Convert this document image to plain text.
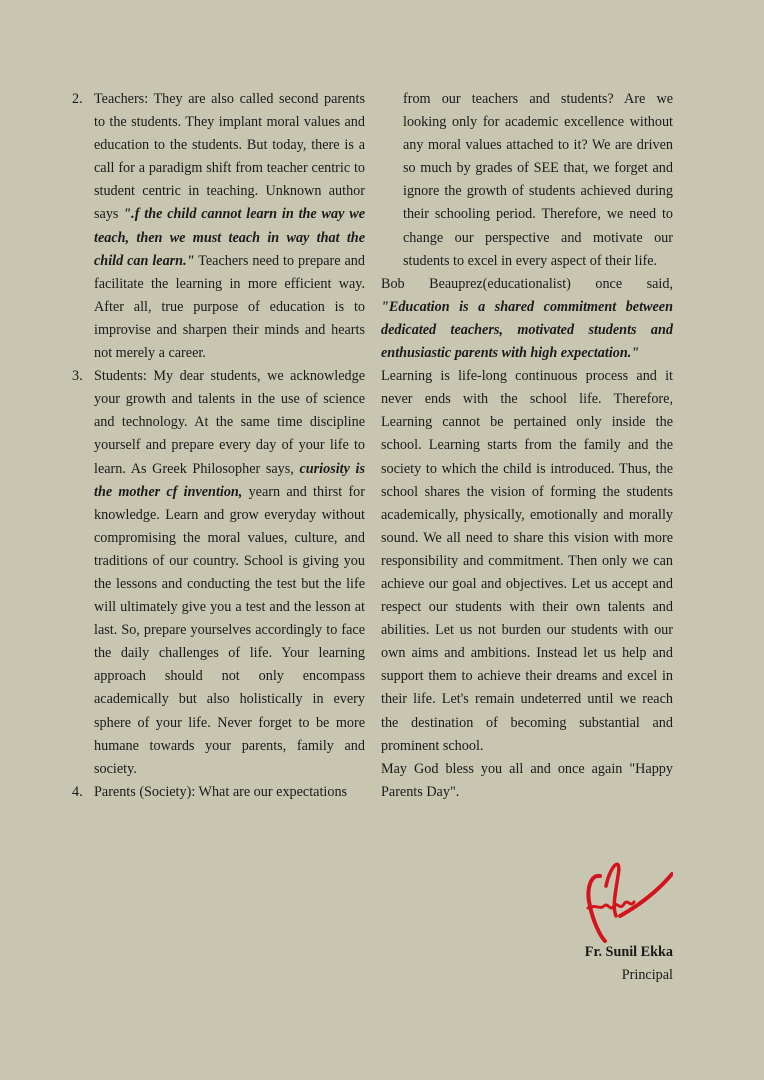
2. Teachers: They are also called second parents to the students. They implant moral values and education to the students. But today, there is a call for a paradigm shift from teacher centric to student centric in teaching. Unknown author says ".f the child cannot learn in the way we teach, then we must teach in way that the child can learn." Teachers need to prepare and facilitate the learning in more efficient way. After all, true purpose of education is to improvise and sharpen their minds and hearts not merely a career.
3. Students: My dear students, we acknowledge your growth and talents in the use of science and technology. At the same time discipline yourself and prepare every day of your life to learn. As Greek Philosopher says, curiosity is the mother cf invention, yearn and thirst for knowledge. Learn and grow everyday without compromising the moral values, culture, and traditions of our country. School is giving you the lessons and conducting the test but the life will ultimately give you a test and the lesson at last. So, prepare yourselves accordingly to face the daily challenges of life. Your learning approach should not only encompass academically but also holistically in every sphere of your life. Never forget to be more humane towards your parents, family and society.
4. Parents (Society): What are our expectations

from our teachers and students? Are we looking only for academic excellence without any moral values attached to it? We are driven so much by grades of SEE that, we forget and ignore the growth of students achieved during their schooling period. Therefore, we need to change our perspective and motivate our students to excel in every aspect of their life.

Bob Beauprez(educationalist) once said,

"Education is a shared commitment between dedicated teachers, motivated students and enthusiastic parents with high expectation."

Learning is life-long continuous process and it never ends with the school life. Therefore, Learning cannot be pertained only inside the school. Learning starts from the family and the society to which the child is introduced. Thus, the school shares the vision of forming the students academically, physically, emotionally and morally sound. We all need to share this vision with more responsibility and commitment. Then only we can achieve our goal and objectives. Let us accept and respect our students with their own talents and abilities. Let us not burden our students with our own aims and ambitions. Instead let us help and support them to achieve their dreams and excel in their life. Let's remain undeterred until we reach the destination of becoming substantial and prominent school.

May God bless you all and once again "Happy Parents Day".

Fr. Sunil Ekka
Principal
